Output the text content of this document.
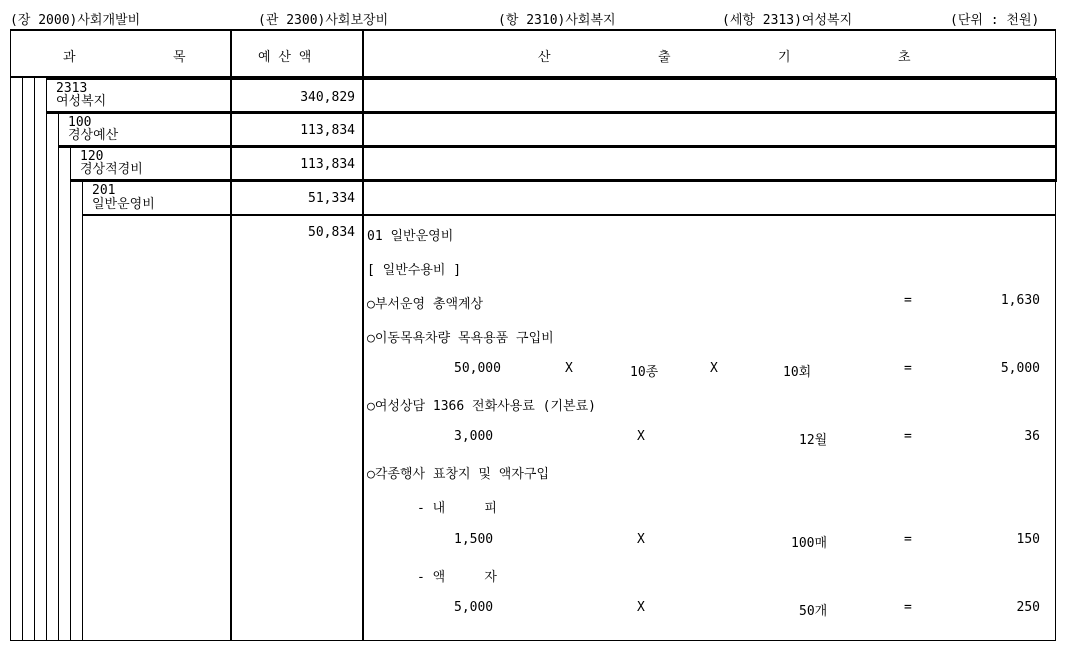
(장 2000)사회개발비	(관 2300)사회보장비	(항 2310)사회복지	(세항 2313)여성복지	(단위 : 천원)
과	목	예 산 액	산	출	기	초
2313
여성복지	340,829
100
경상예산	113,834
120
경상적경비	113,834
201
일반운영비	51,334
50,834 01 일반운영비
[ 일반수용비 ]
○부서운영 총액계상	=	1,630
○이동목욕차량 목욕용품 구입비
50,000	X	10종	X	10회	=	5,000
○여성상담 1366 전화사용료 (기본료)
3,000	X	12월	=	36
○각종행사 표창지 및 액자구입
- 내     피
1,500	X	100매	=	150
- 액     자
5,000	X	50개	=	250
